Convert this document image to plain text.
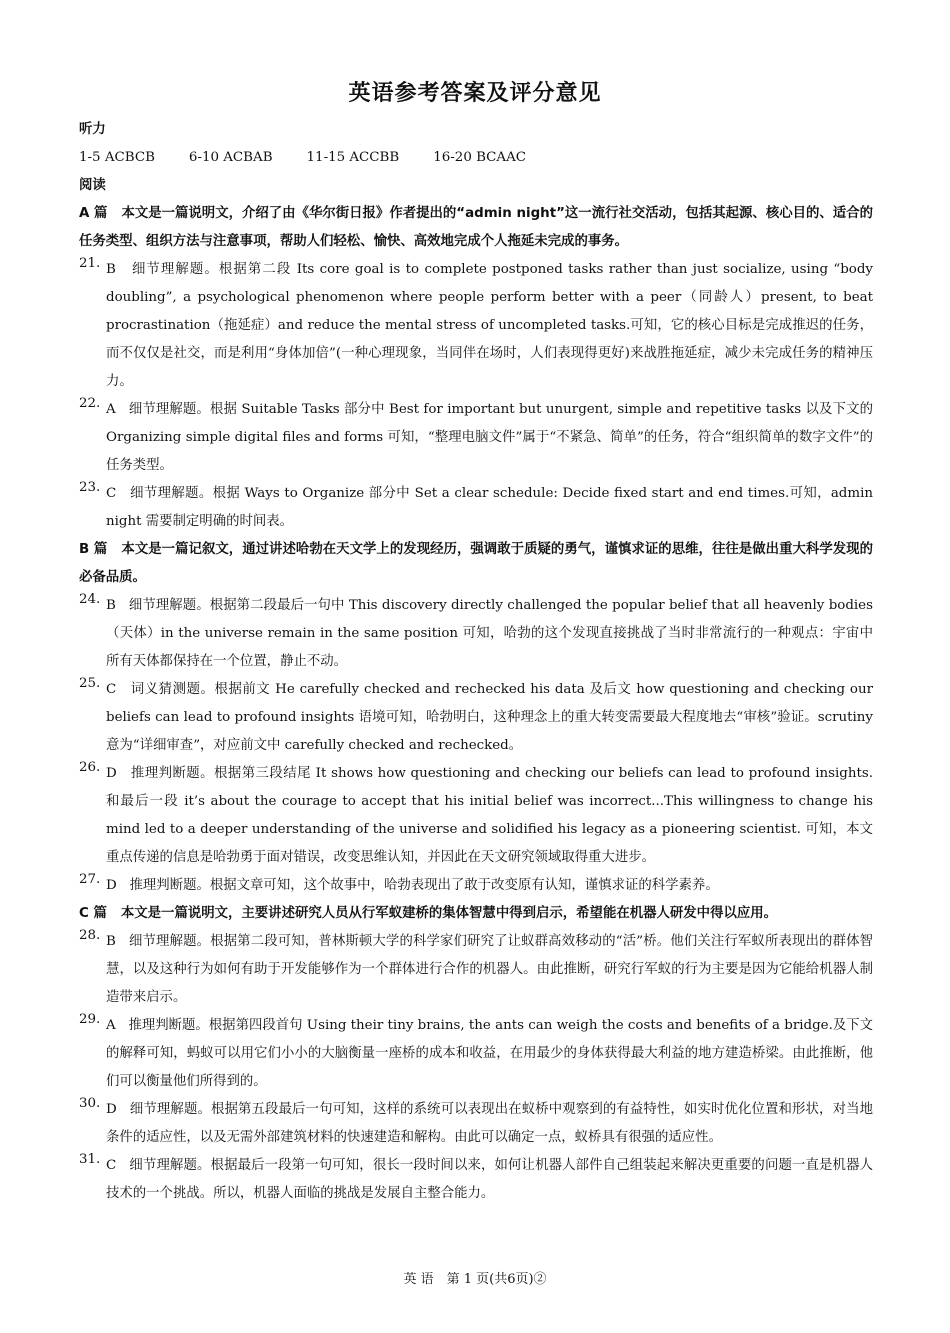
英语参考答案及评分意见
听力
1-5 ACBCB	6-10 ACBAB	11-15 ACCBB	16-20 BCAAC
阅读
A 篇 本文是一篇说明文，介绍了由《华尔街日报》作者提出的“admin night”这一流行社交活动，包括其起源、核心目的、适合的任务类型、组织方法与注意事项，帮助人们轻松、愉快、高效地完成个人拖延未完成的事务。
21. B 细节理解题。根据第二段 Its core goal is to complete postponed tasks rather than just socialize, using “body doubling”, a psychological phenomenon where people perform better with a peer（同龄人）present, to beat procrastination（拖延症）and reduce the mental stress of uncompleted tasks.可知，它的核心目标是完成推迟的任务，而不仅仅是社交，而是利用“身体加倍”(一种心理现象，当同伴在场时，人们表现得更好)来战胜拖延症，减少未完成任务的精神压力。
22. A 细节理解题。根据 Suitable Tasks 部分中 Best for important but unurgent, simple and repetitive tasks 以及下文的 Organizing simple digital files and forms 可知，“整理电脑文件”属于“不紧急、简单”的任务，符合“组织简单的数字文件”的任务类型。
23. C 细节理解题。根据 Ways to Organize 部分中 Set a clear schedule: Decide fixed start and end times.可知，admin night 需要制定明确的时间表。
B 篇 本文是一篇记叙文，通过讲述哈勃在天文学上的发现经历，强调敢于质疑的勇气，谨慎求证的思维，往往是做出重大科学发现的必备品质。
24. B 细节理解题。根据第二段最后一句中 This discovery directly challenged the popular belief that all heavenly bodies（天体）in the universe remain in the same position 可知，哈勃的这个发现直接挑战了当时非常流行的一种观点：宇宙中所有天体都保持在一个位置，静止不动。
25. C 词义猜测题。根据前文 He carefully checked and rechecked his data 及后文 how questioning and checking our beliefs can lead to profound insights 语境可知，哈勃明白，这种理念上的重大转变需要最大程度地去“审核”验证。scrutiny 意为“详细审查”，对应前文中 carefully checked and rechecked。
26. D 推理判断题。根据第三段结尾 It shows how questioning and checking our beliefs can lead to profound insights.和最后一段 it’s about the courage to accept that his initial belief was incorrect...This willingness to change his mind led to a deeper understanding of the universe and solidified his legacy as a pioneering scientist. 可知，本文重点传递的信息是哈勃勇于面对错误，改变思维认知，并因此在天文研究领域取得重大进步。
27. D 推理判断题。根据文章可知，这个故事中，哈勃表现出了敢于改变原有认知，谨慎求证的科学素养。
C 篇 本文是一篇说明文，主要讲述研究人员从行军蚁建桥的集体智慧中得到启示，希望能在机器人研发中得以应用。
28. B 细节理解题。根据第二段可知，普林斯顿大学的科学家们研究了让蚁群高效移动的“活”桥。他们关注行军蚁所表现出的群体智慧，以及这种行为如何有助于开发能够作为一个群体进行合作的机器人。由此推断，研究行军蚁的行为主要是因为它能给机器人制造带来启示。
29. A 推理判断题。根据第四段首句 Using their tiny brains, the ants can weigh the costs and benefits of a bridge.及下文的解释可知，蚂蚁可以用它们小小的大脑衡量一座桥的成本和收益，在用最少的身体获得最大利益的地方建造桥梁。由此推断，他们可以衡量他们所得到的。
30. D 细节理解题。根据第五段最后一句可知，这样的系统可以表现出在蚁桥中观察到的有益特性，如实时优化位置和形状，对当地条件的适应性，以及无需外部建筑材料的快速建造和解构。由此可以确定一点，蚁桥具有很强的适应性。
31. C 细节理解题。根据最后一段第一句可知，很长一段时间以来，如何让机器人部件自己组装起来解决更重要的问题一直是机器人技术的一个挑战。所以，机器人面临的挑战是发展自主整合能力。
英 语　第 1 页(共6页)②
